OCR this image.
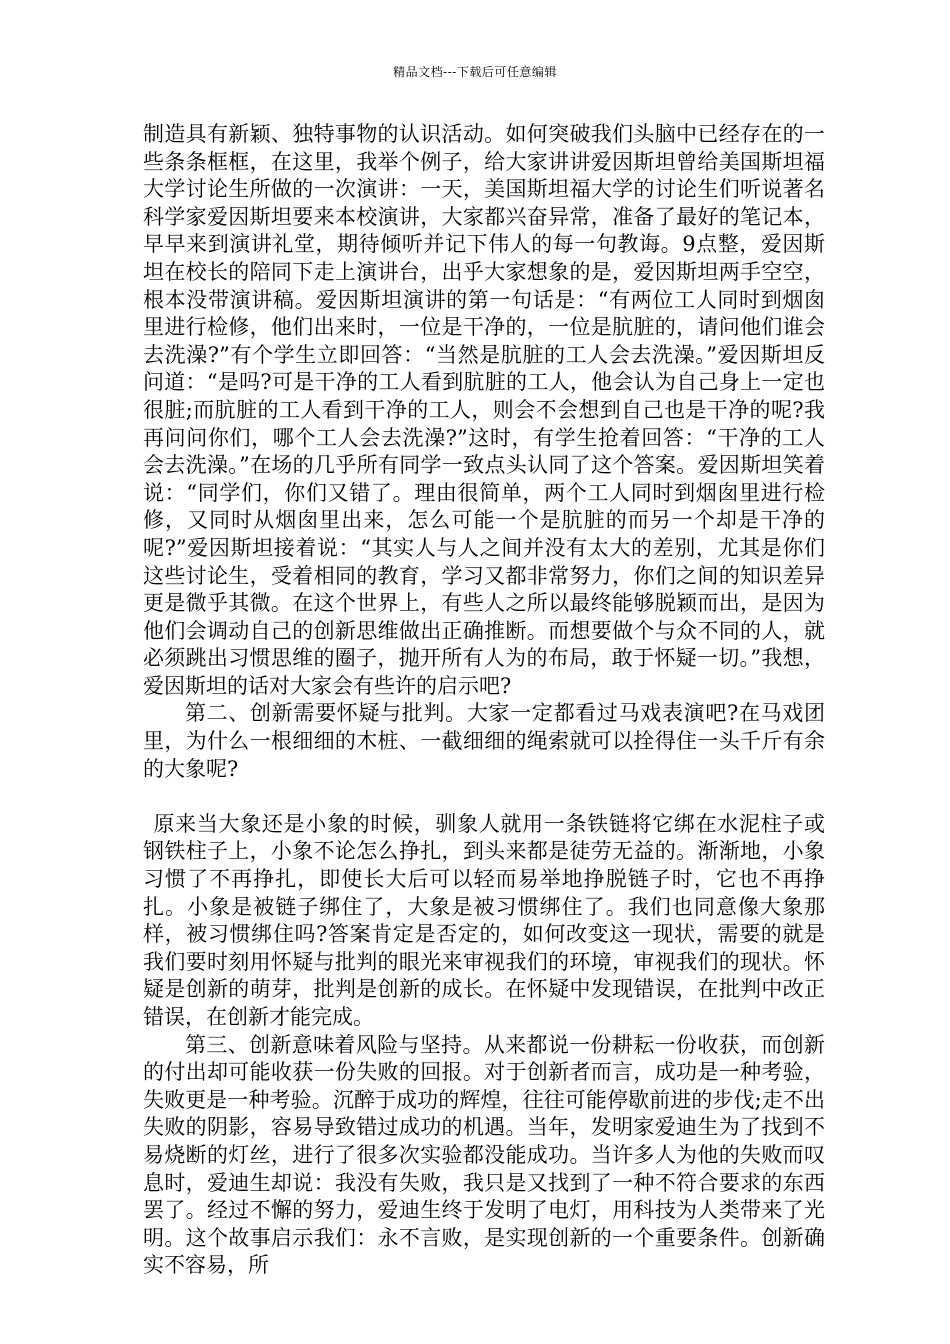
精品文档---下载后可任意编辑

制造具有新颖、独特事物的认识活动。如何突破我们头脑中已经存在的一些条条框框，在这里，我举个例子，给大家讲讲爱因斯坦曾给美国斯坦福大学讨论生所做的一次演讲：一天，美国斯坦福大学的讨论生们听说著名科学家爱因斯坦要来本校演讲，大家都兴奋异常，准备了最好的笔记本，早早来到演讲礼堂，期待倾听并记下伟人的每一句教诲。9点整，爱因斯坦在校长的陪同下走上演讲台，出乎大家想象的是，爱因斯坦两手空空，根本没带演讲稿。爱因斯坦演讲的第一句话是：“有两位工人同时到烟囱里进行检修，他们出来时，一位是干净的，一位是肮脏的，请问他们谁会去洗澡?”有个学生立即回答：“当然是肮脏的工人会去洗澡。”爱因斯坦反问道：“是吗?可是干净的工人看到肮脏的工人，他会认为自己身上一定也很脏;而肮脏的工人看到干净的工人，则会不会想到自己也是干净的呢?我再问问你们，哪个工人会去洗澡?”这时，有学生抢着回答：“干净的工人会去洗澡。”在场的几乎所有同学一致点头认同了这个答案。爱因斯坦笑着说：“同学们，你们又错了。理由很简单，两个工人同时到烟囱里进行检修，又同时从烟囱里出来，怎么可能一个是肮脏的而另一个却是干净的呢?”爱因斯坦接着说：“其实人与人之间并没有太大的差别，尤其是你们这些讨论生，受着相同的教育，学习又都非常努力，你们之间的知识差异更是微乎其微。在这个世界上，有些人之所以最终能够脱颖而出，是因为他们会调动自己的创新思维做出正确推断。而想要做个与众不同的人，就必须跳出习惯思维的圈子，抛开所有人为的布局，敢于怀疑一切。”我想，爱因斯坦的话对大家会有些许的启示吧?

第二、创新需要怀疑与批判。大家一定都看过马戏表演吧?在马戏团里，为什么一根细细的木桩、一截细细的绳索就可以拴得住一头千斤有余的大象呢?

原来当大象还是小象的时候，驯象人就用一条铁链将它绑在水泥柱子或钢铁柱子上，小象不论怎么挣扎，到头来都是徒劳无益的。渐渐地，小象习惯了不再挣扎，即使长大后可以轻而易举地挣脱链子时，它也不再挣扎。小象是被链子绑住了，大象是被习惯绑住了。我们也同意像大象那样，被习惯绑住吗?答案肯定是否定的，如何改变这一现状，需要的就是我们要时刻用怀疑与批判的眼光来审视我们的环境，审视我们的现状。怀疑是创新的萌芽，批判是创新的成长。在怀疑中发现错误，在批判中改正错误，在创新才能完成。

第三、创新意味着风险与坚持。从来都说一份耕耘一份收获，而创新的付出却可能收获一份失败的回报。对于创新者而言，成功是一种考验，失败更是一种考验。沉醉于成功的辉煌，往往可能停歇前进的步伐;走不出失败的阴影，容易导致错过成功的机遇。当年，发明家爱迪生为了找到不易烧断的灯丝，进行了很多次实验都没能成功。当许多人为他的失败而叹息时，爱迪生却说：我没有失败，我只是又找到了一种不符合要求的东西罢了。经过不懈的努力，爱迪生终于发明了电灯，用科技为人类带来了光明。这个故事启示我们：永不言败，是实现创新的一个重要条件。创新确实不容易，所
